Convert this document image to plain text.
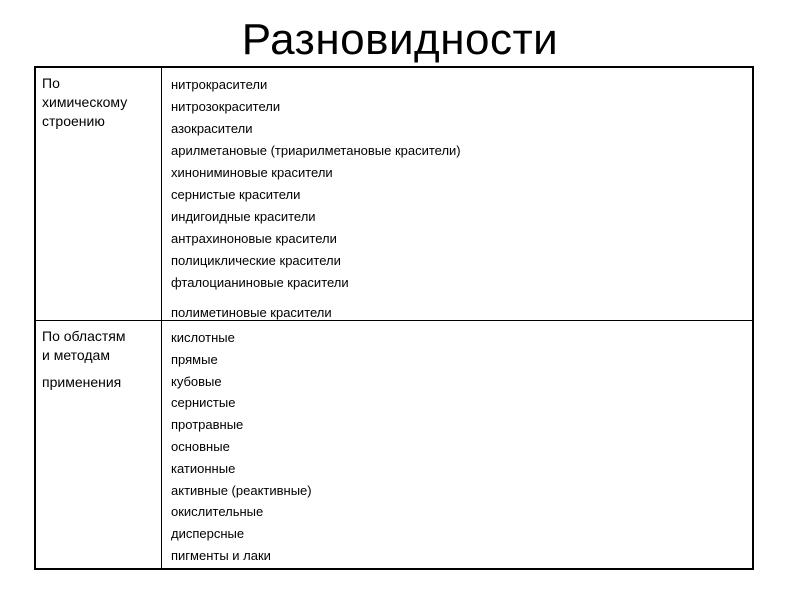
Разновидности
По
химическому
строению
нитрокрасители
нитрозокрасители
азокрасители
арилметановые (триарилметановые красители)
хинониминовые красители
сернистые красители
индигоидные красители
антрахиноновые красители
полициклические красители
фталоцианиновые красители
полиметиновые красители
По областям
и методам
применения
кислотные
прямые
кубовые
сернистые
протравные
основные
катионные
активные (реактивные)
окислительные
дисперсные
пигменты и лаки
